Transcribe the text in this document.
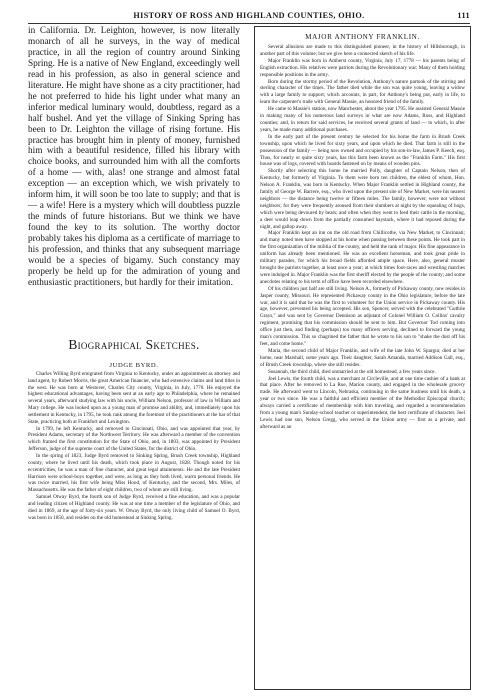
HISTORY OF ROSS AND HIGHLAND COUNTIES, OHIO.	111

in California. Dr. Leighton, however, is now literally monarch of all he surveys, in the way of medical practice, in all the region of country around Sinking Spring. He is a native of New England, exceedingly well read in his profession, as also in general science and literature. He might have shone as a city practitioner, had he not preferred to hide his light under what many an inferior medical luminary would, doubtless, regard as a half bushel. And yet the village of Sinking Spring has been to Dr. Leighton the village of rising fortune. His practice has brought him in plenty of money, furnished him with a beautiful residence, filled his library with choice books, and surrounded him with all the comforts of a home — with, alas! one strange and almost fatal exception — an exception which, we wish privately to inform him, it will soon be too late to supply; and that is — a wife! Here is a mystery which will doubtless puzzle the minds of future historians. But we think we have found the key to its solution. The worthy doctor probably takes his diploma as a certificate of marriage to his profession, and thinks that any subsequent marriage would be a species of bigamy. Such constancy may properly be held up for the admiration of young and enthusiastic practitioners, but hardly for their imitation.

Biographical Sketches.
JUDGE BYRD.

Charles Willing Byrd emigrated from Virginia to Kentucky, under an appointment as attorney and land agent, by Robert Morris, the great American financier, who had extensive claims and land titles in the west. He was born at Westover, Charles City county, Virginia, in July, 1770. He enjoyed the highest educational advantages, having been sent at an early age to Philadelphia, where he remained several years, afterward studying law with his uncle, William Nelson, professor of law in William and Mary college. He was looked upon as a young man of promise and ability, and, immediately upon his settlement in Kentucky, in 1795, he took rank among the foremost of the practitioners at the bar of that State, practicing both at Frankfort and Lexington.

In 1799, he left Kentucky, and removed to Cincinnati, Ohio, and was appointed that year, by President Adams, secretary of the Northwest Territory. He was afterward a member of the convention which framed the first constitution for the State of Ohio, and, in 1803, was appointed by President Jefferson, judge of the supreme court of the United States, for the district of Ohio.

In the spring of 1823, Judge Byrd removed to Sinking Spring, Brush Creek township, Highland county, where he lived until his death, which took place in August, 1828. Though noted for his eccentricities, he was a man of fine character, and great legal attainments. He and the late President Harrison were school-boys together, and were, as long as they both lived, warm personal friends. He was twice married, his first wife being Miss Hood, of Kentucky, and the second, Mrs. Miles, of Massachusetts. He was the father of eight children, two of whom are still living.

Samuel Otway Byrd, the fourth son of Judge Byrd, received a fine education, and was a popular and leading citizen of Highland county. He was at one time a member of the legislature of Ohio, and died in 1869, at the age of forty-six years. W. Otway Byrd, the only living child of Samuel O. Byrd, was born in 1850, and resides on the old homestead at Sinking Spring.

MAJOR ANTHONY FRANKLIN.

Several allusions are made to this distinguished pioneer, in the history of Hillsborough, in another part of this volume; but we give here a connected sketch of his life.

Major Franklin was born in Amherst county, Virginia, July 17, 1778 — his parents being of English extraction. His relatives were patriots during the Revolutionary war; Many of them holding responsible positions in the army.

Born during the stormy period of the Revolution, Anthony's nature partook of the stirring and sterling character of the times. The father died while the son was quite young, leaving a widow with a large family to support; which accounts, in part, for Anthony's being put, early in life, to learn the carpenter's trade with General Massie, an honored friend of the family.

He came to Massie's station, now Manchester, about the year 1795. He assisted General Massie in making many of his numerous land surveys in what are now Adams, Ross, and Highland counties; and, in return for said services, he received several grants of land — to which, in after years, he made many additional purchases.

In the early part of the present century he selected for his home the farm in Brush Creek township, upon which he lived for sixty years, and upon which he died. That farm is still in the possession of the family — being now owned and occupied by his son-in-law, James P. Keech, esq. Thus, for nearly or quite sixty years, has this farm been known as the "Franklin Farm." His first house was of logs, covered with boards fastened on by means of wooden pins.

Shortly after selecting this home he married Polly, daughter of Captain Nelson, then of Kentucky, but formerly of Virginia. To them were born ten children, the eldest of whom, Hon. Nelson A. Franklin, was born in Kentucky. When Major Franklin settled in Highland county, the family of George W. Barrere, esq., who lived upon the present site of New Market, were his nearest neighbors — the distance being twelve or fifteen miles. The family, however, were not without neighbors; for they were frequently aroused from their slumbers at night by the squealing of hogs, which were being devoured by bears; and often when they went to feed their cattle in the morning, a deer would leap down from the partially consumed haystack, where it had reposed during the night, and gallop away.

Major Franklin kept an inn on the old road from Chillicothe, via New Market, to Cincinnati; and many noted men have stopped at his home when passing between these points. He took part in the first organization of the militia of the county, and held the rank of major. His fine appearance in uniform has already been mentioned. He was an excellent horseman, and took great pride in military parades, for which his broad fields afforded ample space. Here, also, general muster brought the patriots together, at least once a year; at which times foot-races and wrestling matches were indulged in. Major Franklin was the first sheriff elected by the people of the county; and some anecdotes relating to his term of office have been recorded elsewhere.

Of his children just half are still living. Nelson A., formerly of Pickaway county, now resides in Jasper county, Missouri. He represented Pickaway county in the Ohio legislature, before the late war, and it is said that he was the first to volunteer for the Union service in Pickaway county. His age, however, prevented his being accepted. His son, Spencer, served with the celebrated "Guthrie Grays," and was sent by Governor Dennison as adjutant of Colonel William O. Collins' cavalry regiment, promising that his commission should be sent to him. But Governor Tod coming into office just then, and finding (perhaps) too many officers serving, declined to forward the young man's commission. This so chagrined the father that he wrote to his son to "shake the dust off his feet, and come home."

Maria, the second child of Major Franklin, and wife of the late John W. Spargur, died at her home, near Marshall, some years ago. Their daughter, Sarah Amanda, married Addison Gall, esq., of Brush Creek township, where she still resides.

Susannah, the third child, died unmarried at the old homestead, a few years since.

Joel Lewis, the fourth child, was a merchant at Circleville, and at one time cashier of a bank at that place. After he removed to La Rue, Marion county, and engaged in the wholesale grocery trade. He afterward went to Lincoln, Nebraska, continuing in the same business until his death, a year or two since. He was a faithful and efficient member of the Methodist Episcopal church; always carried a certificate of membership with him traveling, and regarded a recommendation from a young man's Sunday-school teacher or superintendent, the best certificate of character. Joel Lewis had one son, Nelson Gregg, who served in the Union army — first as a private, and afterward as an
